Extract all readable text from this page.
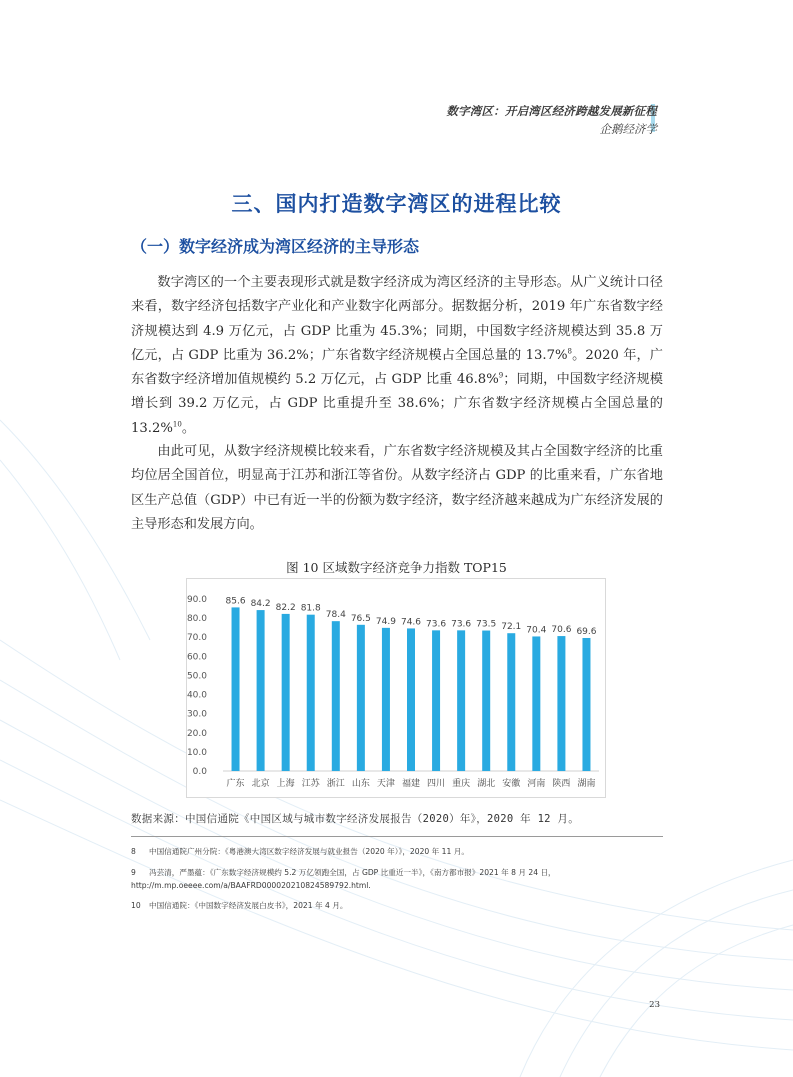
数字湾区：开启湾区经济跨越发展新征程
企鹅经济学
三、国内打造数字湾区的进程比较
（一）数字经济成为湾区经济的主导形态

数字湾区的一个主要表现形式就是数字经济成为湾区经济的主导形态。从广义统计口径来看，数字经济包括数字产业化和产业数字化两部分。据数据分析，2019 年广东省数字经济规模达到 4.9 万亿元，占 GDP 比重为 45.3%；同期，中国数字经济规模达到 35.8 万亿元，占 GDP 比重为 36.2%；广东省数字经济规模占全国总量的 13.7%$^8$。2020 年，广东省数字经济增加值规模约 5.2 万亿元，占 GDP 比重 46.8%$^9$；同期，中国数字经济规模增长到 39.2 万亿元，占 GDP 比重提升至 38.6%；广东省数字经济规模占全国总量的 13.2%$^{10}$。

由此可见，从数字经济规模比较来看，广东省数字经济规模及其占全国数字经济的比重均位居全国首位，明显高于江苏和浙江等省份。从数字经济占 GDP 的比重来看，广东省地区生产总值（GDP）中已有近一半的份额为数字经济，数字经济越来越成为广东经济发展的主导形态和发展方向。

图 10 区域数字经济竞争力指数 TOP15
0.0
10.0
20.0
30.0
40.0
50.0
60.0
70.0
80.0
90.0 85.6
广东
84.2
北京
82.2
上海
81.8
江苏
78.4
浙江
76.5
山东
74.9
天津
74.6
福建
73.6
四川
73.6
重庆
73.5
湖北
72.1
安徽
70.4
河南
70.6
陕西
69.6
湖南
数据来源：中国信通院《中国区域与城市数字经济发展报告（2020）年》，2020 年 12 月。
8 中国信通院广州分院：《粤港澳大湾区数字经济发展与就业报告（2020 年）》，2020 年 11 月。
9 冯芸清，严墨蕴：《广东数字经济规模约 5.2 万亿领跑全国，占 GDP 比重近一半》，《南方都市报》2021 年 8 月 24 日，http://m.mp.oeeee.com/a/BAAFRD000020210824589792.html.
10 中国信通院：《中国数字经济发展白皮书》，2021 年 4 月。
23
